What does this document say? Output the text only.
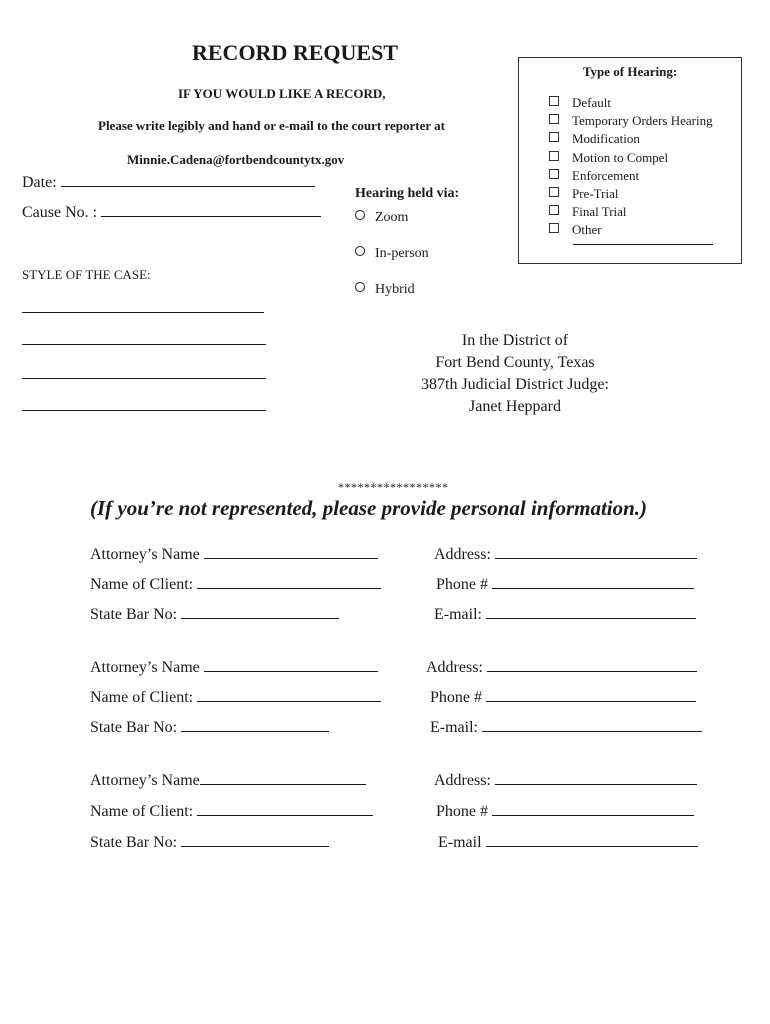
RECORD REQUEST
IF YOU WOULD LIKE A RECORD,
Please write legibly and hand or e-mail to the court reporter at
Minnie.Cadena@fortbendcountytx.gov
Date:
Cause No. :
Hearing held via:
Zoom
In-person
Hybrid
Type of Hearing:
Default
Temporary Orders Hearing
Modification
Motion to Compel
Enforcement
Pre-Trial
Final Trial
Other
STYLE OF THE CASE:
In the District of
Fort Bend County, Texas
387th Judicial District Judge:
Janet Heppard
*****************
(If you’re not represented, please provide personal information.)
Attorney’s Name
Name of Client:
State Bar No:
Address:
Phone #
E-mail:
Attorney’s Name
Name of Client:
State Bar No:
Address:
Phone #
E-mail:
Attorney’s Name
Name of Client:
State Bar No:
Address:
Phone #
E-mail
